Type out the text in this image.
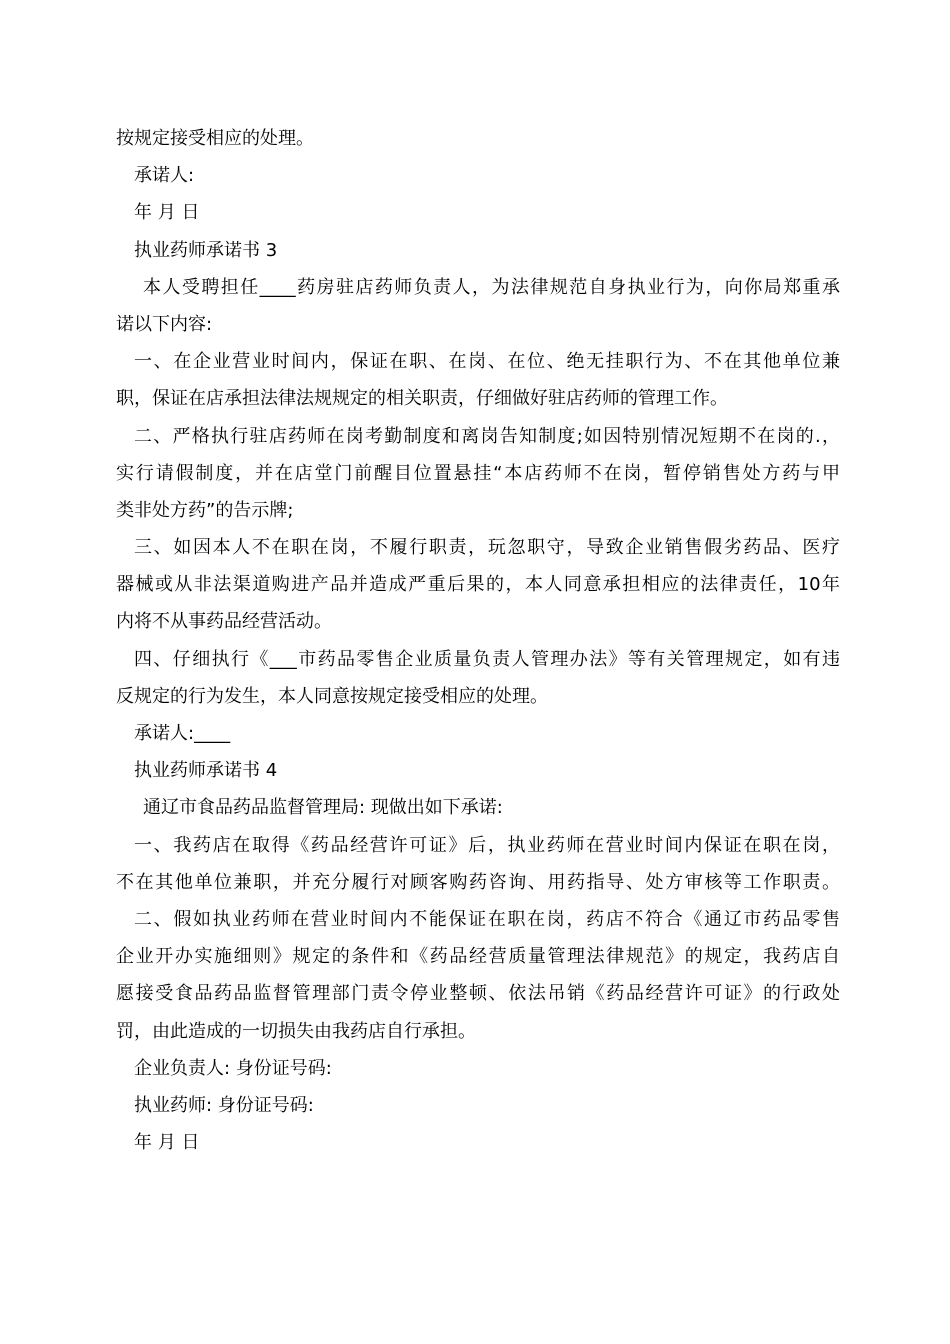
按规定接受相应的处理。
承诺人:
年 月 日
执业药师承诺书 3
本人受聘担任____药房驻店药师负责人，为法律规范自身执业行为，向你局郑重承
诺以下内容:
一、在企业营业时间内，保证在职、在岗、在位、绝无挂职行为、不在其他单位兼
职，保证在店承担法律法规规定的相关职责，仔细做好驻店药师的管理工作。
二、严格执行驻店药师在岗考勤制度和离岗告知制度;如因特别情况短期不在岗的.，
实行请假制度，并在店堂门前醒目位置悬挂“本店药师不在岗，暂停销售处方药与甲
类非处方药”的告示牌;
三、如因本人不在职在岗，不履行职责，玩忽职守，导致企业销售假劣药品、医疗
器械或从非法渠道购进产品并造成严重后果的，本人同意承担相应的法律责任，10年
内将不从事药品经营活动。
四、仔细执行《___市药品零售企业质量负责人管理办法》等有关管理规定，如有违
反规定的行为发生，本人同意按规定接受相应的处理。
承诺人:____
执业药师承诺书 4
通辽市食品药品监督管理局: 现做出如下承诺:
一、我药店在取得《药品经营许可证》后，执业药师在营业时间内保证在职在岗，
不在其他单位兼职，并充分履行对顾客购药咨询、用药指导、处方审核等工作职责。
二、假如执业药师在营业时间内不能保证在职在岗，药店不符合《通辽市药品零售
企业开办实施细则》规定的条件和《药品经营质量管理法律规范》的规定，我药店自
愿接受食品药品监督管理部门责令停业整顿、依法吊销《药品经营许可证》的行政处
罚，由此造成的一切损失由我药店自行承担。
企业负责人: 身份证号码:
执业药师: 身份证号码:
年 月 日
